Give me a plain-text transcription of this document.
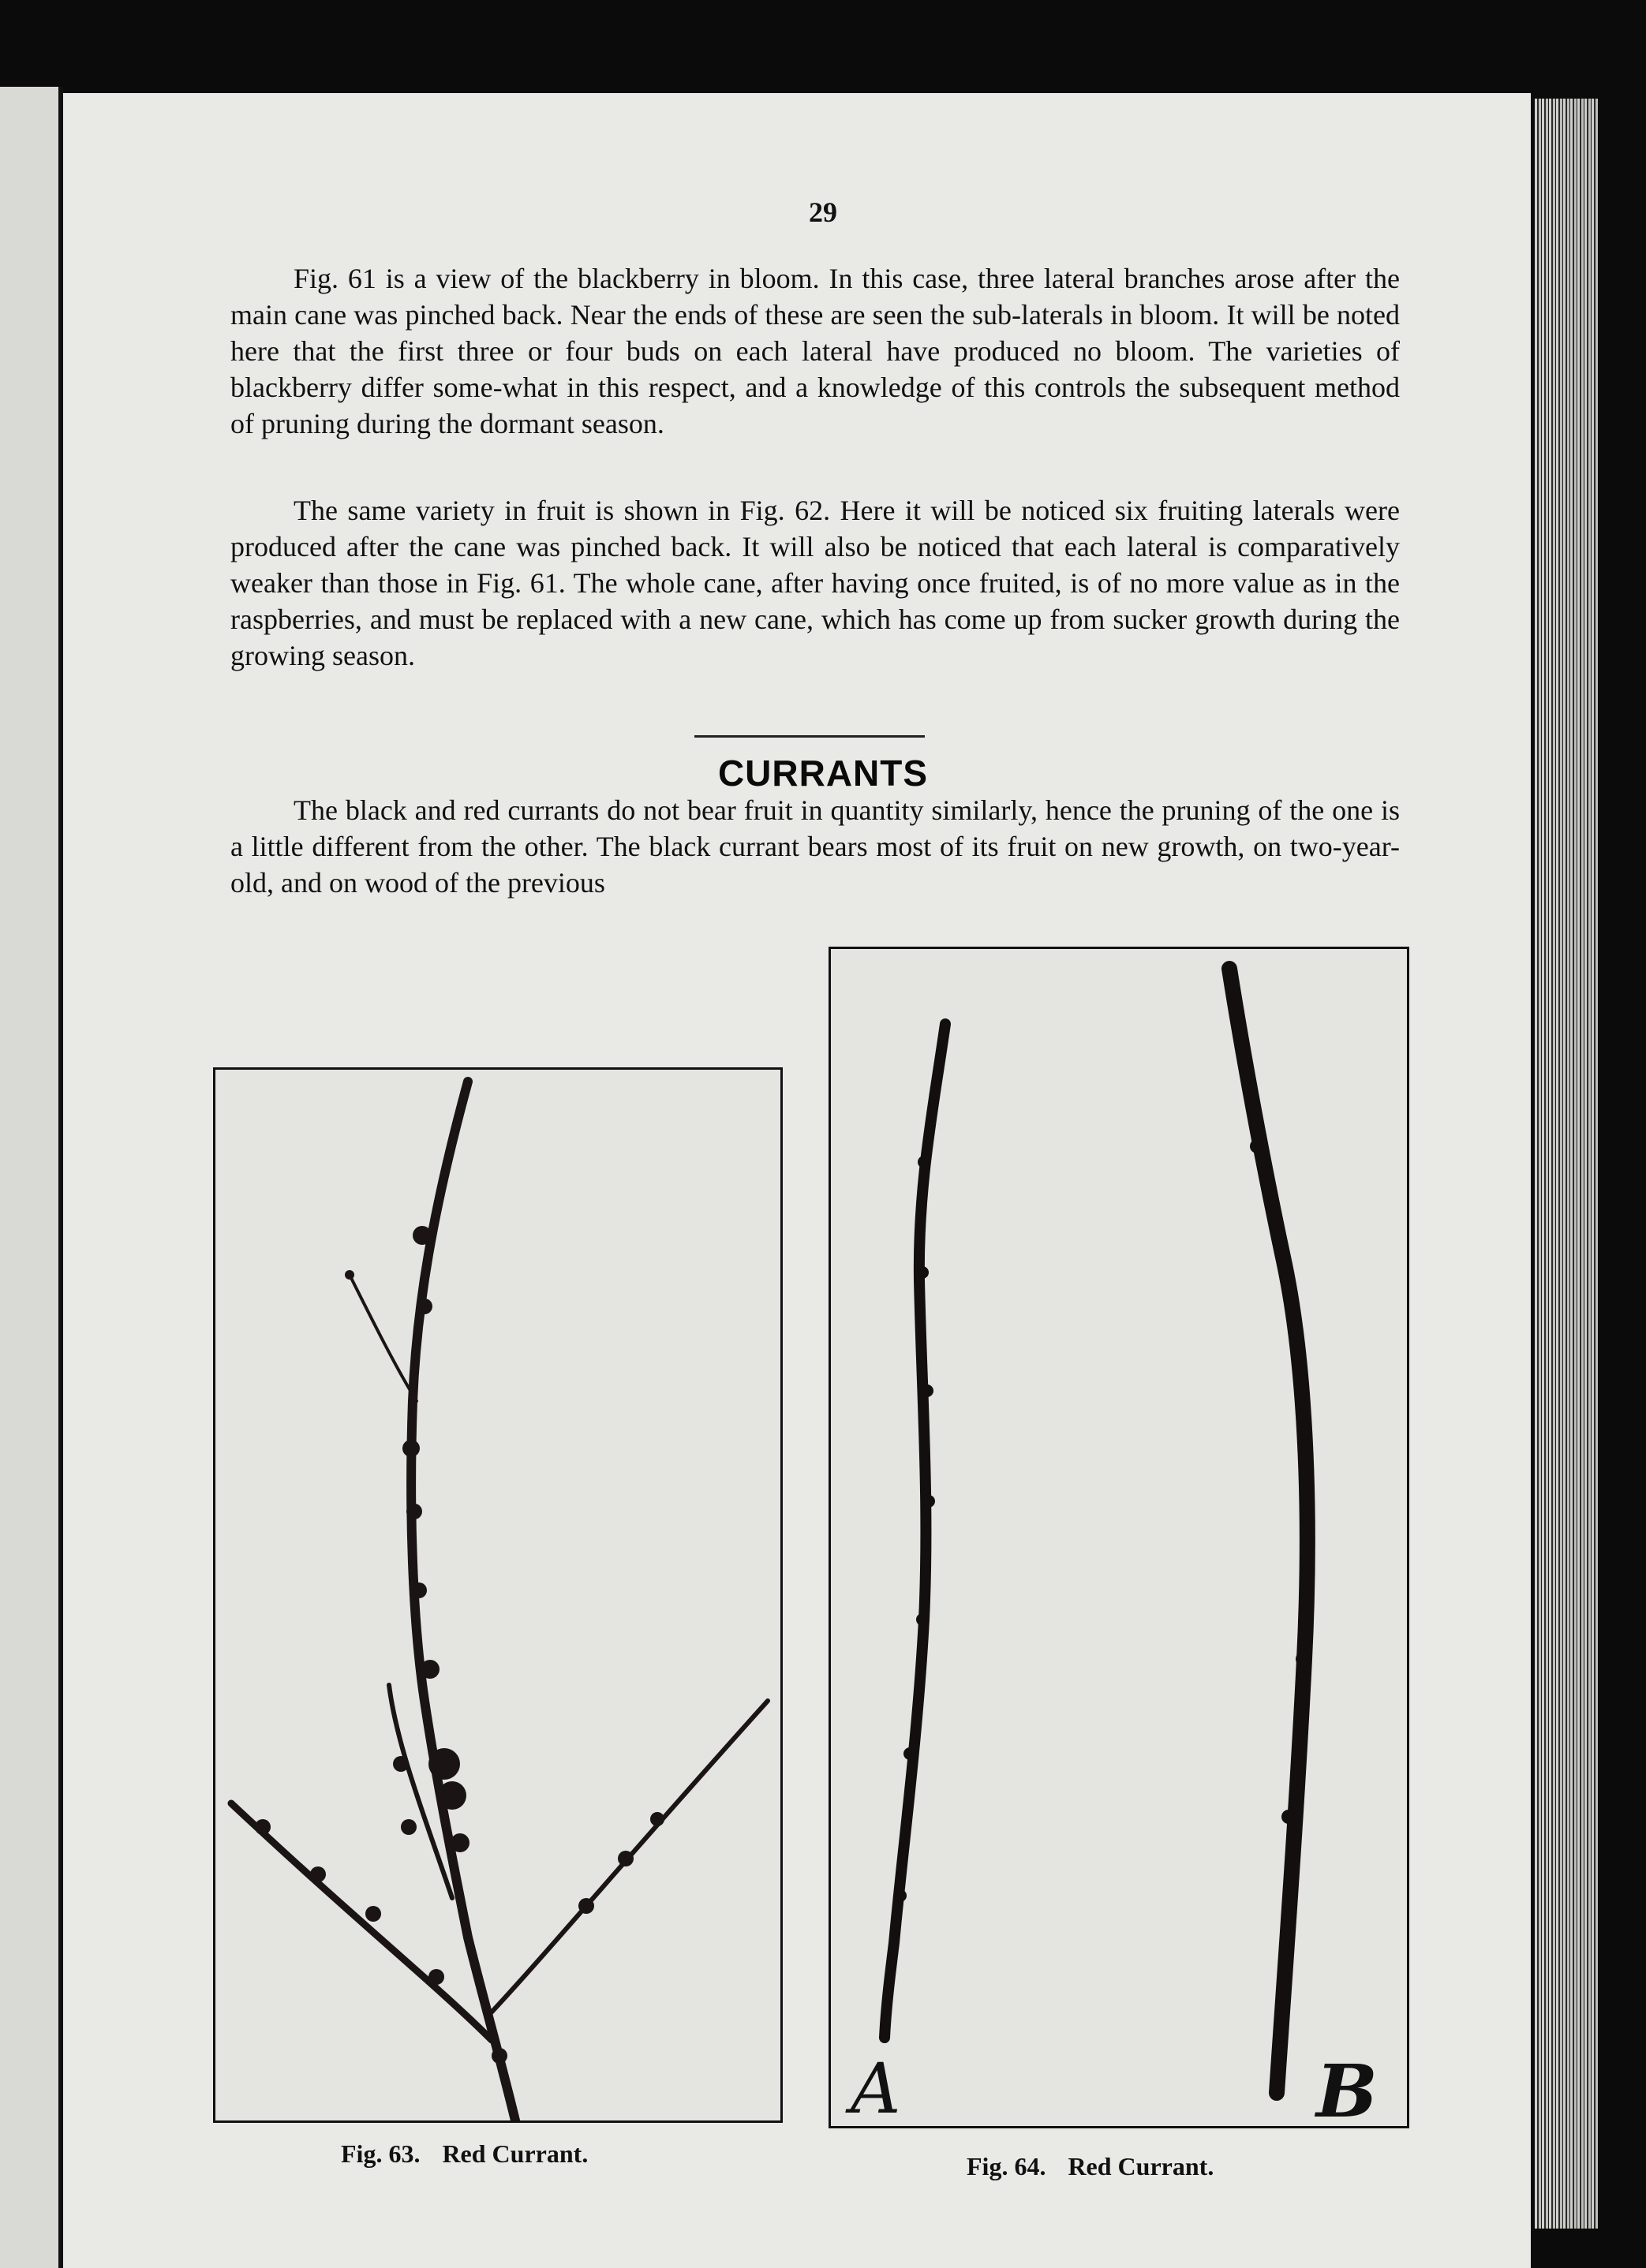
29

Fig. 61 is a view of the blackberry in bloom. In this case, three lateral branches arose after the main cane was pinched back. Near the ends of these are seen the sub-laterals in bloom. It will be noted here that the first three or four buds on each lateral have produced no bloom. The varieties of blackberry differ some-what in this respect, and a knowledge of this controls the subsequent method of pruning during the dormant season.

The same variety in fruit is shown in Fig. 62. Here it will be noticed six fruiting laterals were produced after the cane was pinched back. It will also be noticed that each lateral is comparatively weaker than those in Fig. 61. The whole cane, after having once fruited, is of no more value as in the raspberries, and must be replaced with a new cane, which has come up from sucker growth during the growing season.

CURRANTS

The black and red currants do not bear fruit in quantity similarly, hence the pruning of the one is a little different from the other. The black currant bears most of its fruit on new growth, on two-year-old, and on wood of the previous

A	B
Fig. 63. Red Currant.	Fig. 64. Red Currant.
